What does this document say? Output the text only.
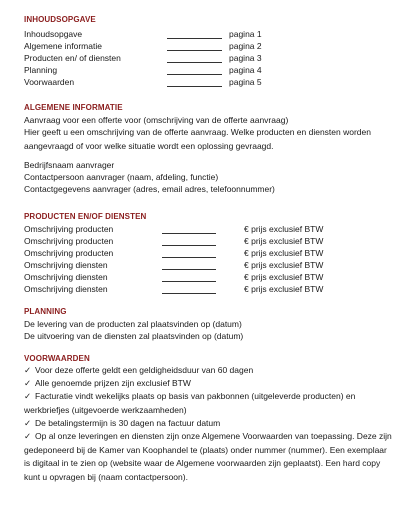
INHOUDSOPGAVE
Inhoudsopgave	pagina 1
Algemene informatie	pagina 2
Producten en/ of diensten	pagina 3
Planning	pagina 4
Voorwaarden	pagina 5
ALGEMENE INFORMATIE
Aanvraag voor een offerte voor (omschrijving van de offerte aanvraag)
Hier geeft u een omschrijving van de offerte aanvraag. Welke producten en diensten worden aangevraagd of voor welke situatie wordt een oplossing gevraagd.
Bedrijfsnaam aanvrager
Contactpersoon aanvrager (naam, afdeling, functie)
Contactgegevens aanvrager (adres, email adres, telefoonnummer)
PRODUCTEN EN/OF DIENSTEN
Omschrijving producten	€ prijs exclusief BTW
Omschrijving producten	€ prijs exclusief BTW
Omschrijving producten	€ prijs exclusief BTW
Omschrijving diensten	€ prijs exclusief BTW
Omschrijving diensten	€ prijs exclusief BTW
Omschrijving diensten	€ prijs exclusief BTW
PLANNING
De levering van de producten zal plaatsvinden op (datum)
De uitvoering van de diensten zal plaatsvinden op (datum)
VOORWAARDEN
✓ Voor deze offerte geldt een geldigheidsduur van 60 dagen
✓ Alle genoemde prijzen zijn exclusief BTW
✓ Facturatie vindt wekelijks plaats op basis van pakbonnen (uitgeleverde producten) en werkbriefjes (uitgevoerde werkzaamheden)
✓ De betalingstermijn is 30 dagen na factuur datum
✓ Op al onze leveringen en diensten zijn onze Algemene Voorwaarden van toepassing. Deze zijn gedeponeerd bij de Kamer van Koophandel te (plaats) onder nummer (nummer). Een exemplaar is digitaal in te zien op (website waar de Algemene voorwaarden zijn geplaatst). Een hard copy kunt u opvragen bij (naam contactpersoon).
